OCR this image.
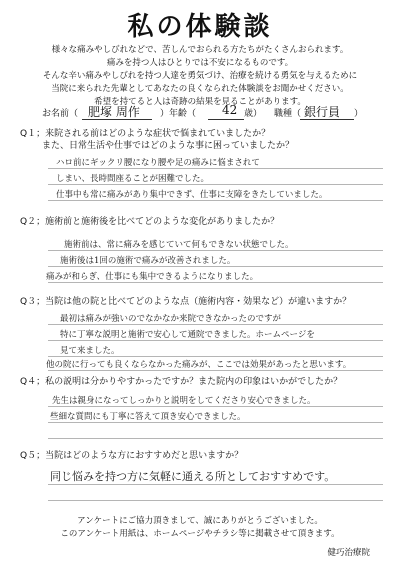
私の体験談
様々な痛みやしびれなどで、苦しんでおられる方たちがたくさんおられます。
痛みを持つ人はひとりでは不安になるものです。
そんな辛い痛みやしびれを持つ人達を勇気づけ、治療を続ける勇気を与えるために
当院に来られた先輩としてあなたの良くなられた体験談をお聞かせください。
希望を持てると人は奇跡の結果を見ることがあります。
お名前（ 肥塚 周作 ）年齢（ 42 歳） 職種（ 銀行員 ）
Q１；来院される前はどのような症状で悩まれていましたか？
また、日常生活や仕事ではどのような事に困っていましたか？
ハロ前にギックリ腰になり腰や足の痛みに悩まされて
しまい、長時間座ることが困難でした。
仕事中も常に痛みがあり集中できず、仕事に支障をきたしていました。
Q２；施術前と施術後を比べてどのような変化がありましたか？
施術前は、常に痛みを感じていて何もできない状態でした。
施術後は1回の施術で痛みが改善されました。
痛みが和らぎ、仕事にも集中できるようになりました。
Q３；当院は他の院と比べてどのような点（施術内容・効果など）が違いますか？
最初は痛みが強いのでなかなか来院できなかったのですが
特に丁寧な説明と施術で安心して通院できました。ホームページを
見て来ました。
他の院に行っても良くならなかった痛みが、ここでは効果があったと思います。
Q４；私の説明は分かりやすかったですか？また院内の印象はいかがでしたか？
先生は親身になってしっかりと説明をしてくださり安心できました。
些細な質問にも丁寧に答えて頂き安心できました。
Q５；当院はどのような方におすすめだと思いますか？
同じ悩みを持つ方に気軽に通える所としておすすめです。
アンケートにご協力頂きまして、誠にありがとうございました。
このアンケート用紙は、ホームページやチラシ等に掲載させて頂きます。
健巧治療院
